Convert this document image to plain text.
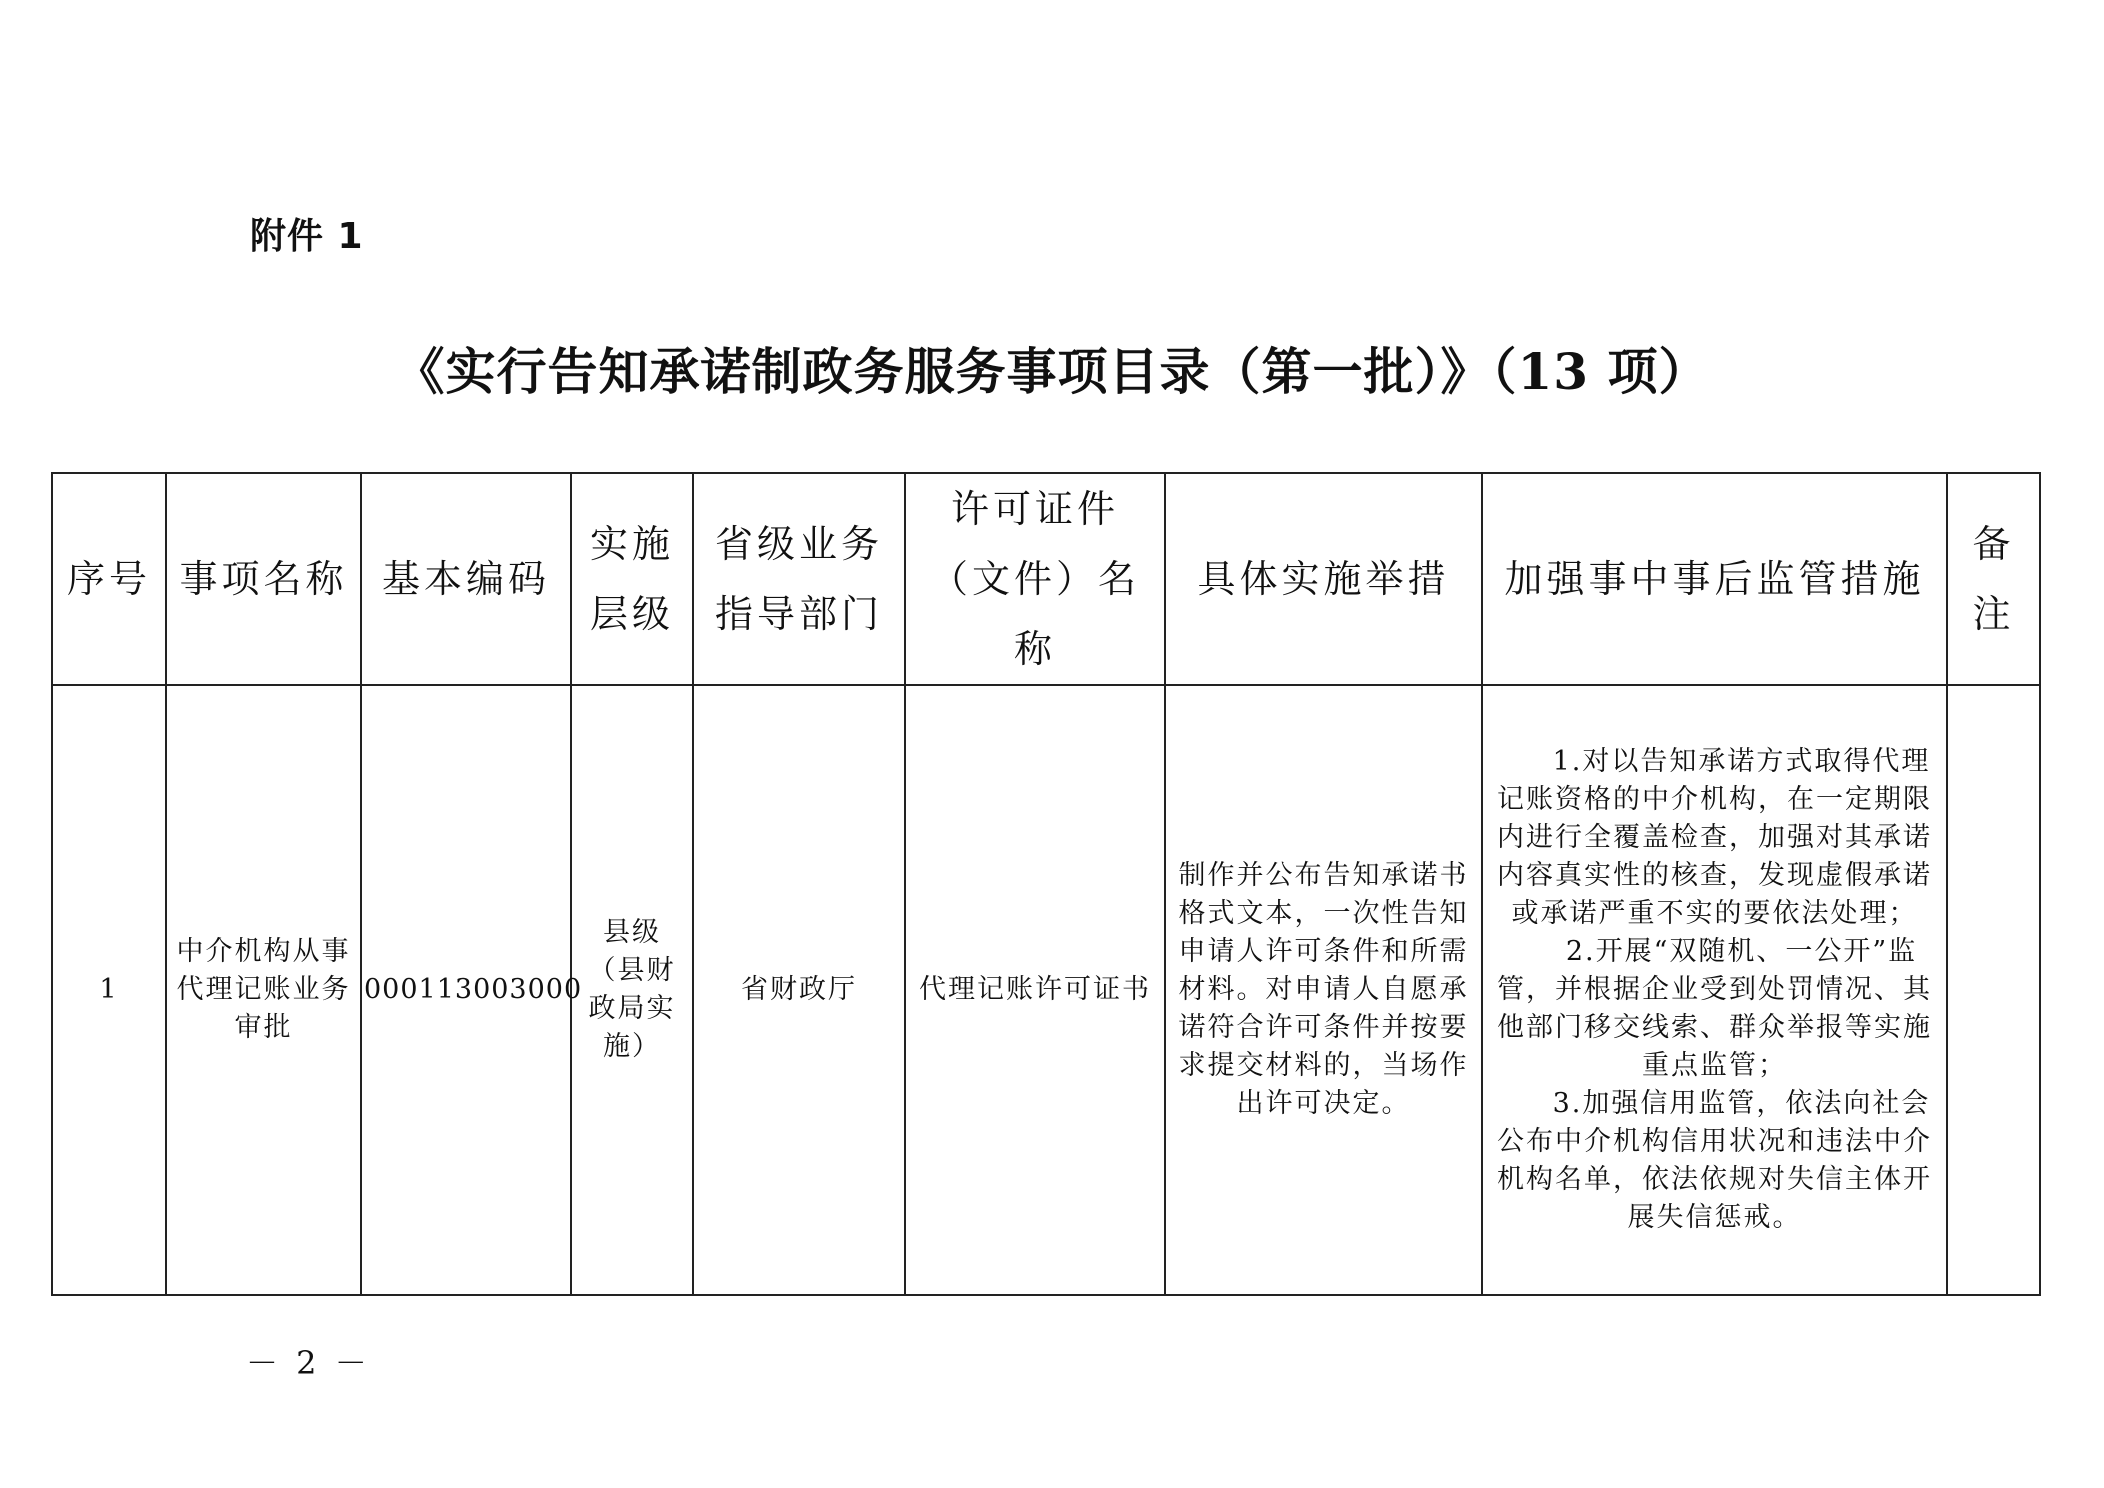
附件 1
《实行告知承诺制政务服务事项目录（第一批）》（13 项）
序号	事项名称	基本编码	实施层级	省级业务指导部门	许可证件（文件）名称	具体实施举措	加强事中事后监管措施	备注
1	中介机构从事代理记账业务审批	000113003000	县级（县财政局实施）	省财政厅	代理记账许可证书	制作并公布告知承诺书格式文本，一次性告知申请人许可条件和所需材料。对申请人自愿承诺符合许可条件并按要求提交材料的，当场作出许可决定。	1.对以告知承诺方式取得代理记账资格的中介机构，在一定期限内进行全覆盖检查，加强对其承诺内容真实性的核查，发现虚假承诺或承诺严重不实的要依法处理；
2.开展“双随机、一公开”监管，并根据企业受到处罚情况、其他部门移交线索、群众举报等实施重点监管；
3.加强信用监管，依法向社会公布中介机构信用状况和违法中介机构名单，依法依规对失信主体开展失信惩戒。	

－ 2 －
